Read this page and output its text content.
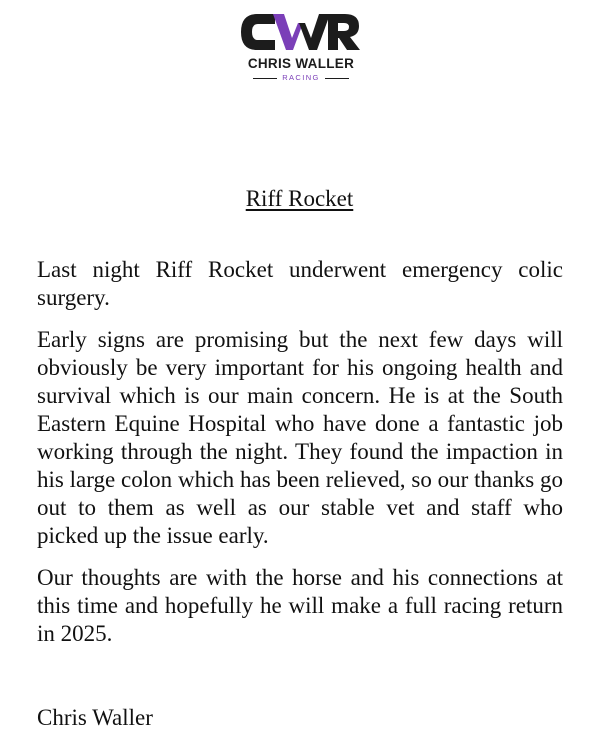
CHRIS WALLER
RACING
Riff Rocket

Last night Riff Rocket underwent emergency colic surgery.

Early signs are promising but the next few days will obviously be very important for his ongoing health and survival which is our main concern. He is at the South Eastern Equine Hospital who have done a fantastic job working through the night. They found the impaction in his large colon which has been relieved, so our thanks go out to them as well as our stable vet and staff who picked up the issue early.

Our thoughts are with the horse and his connections at this time and hopefully he will make a full racing return in 2025.

Chris Waller
